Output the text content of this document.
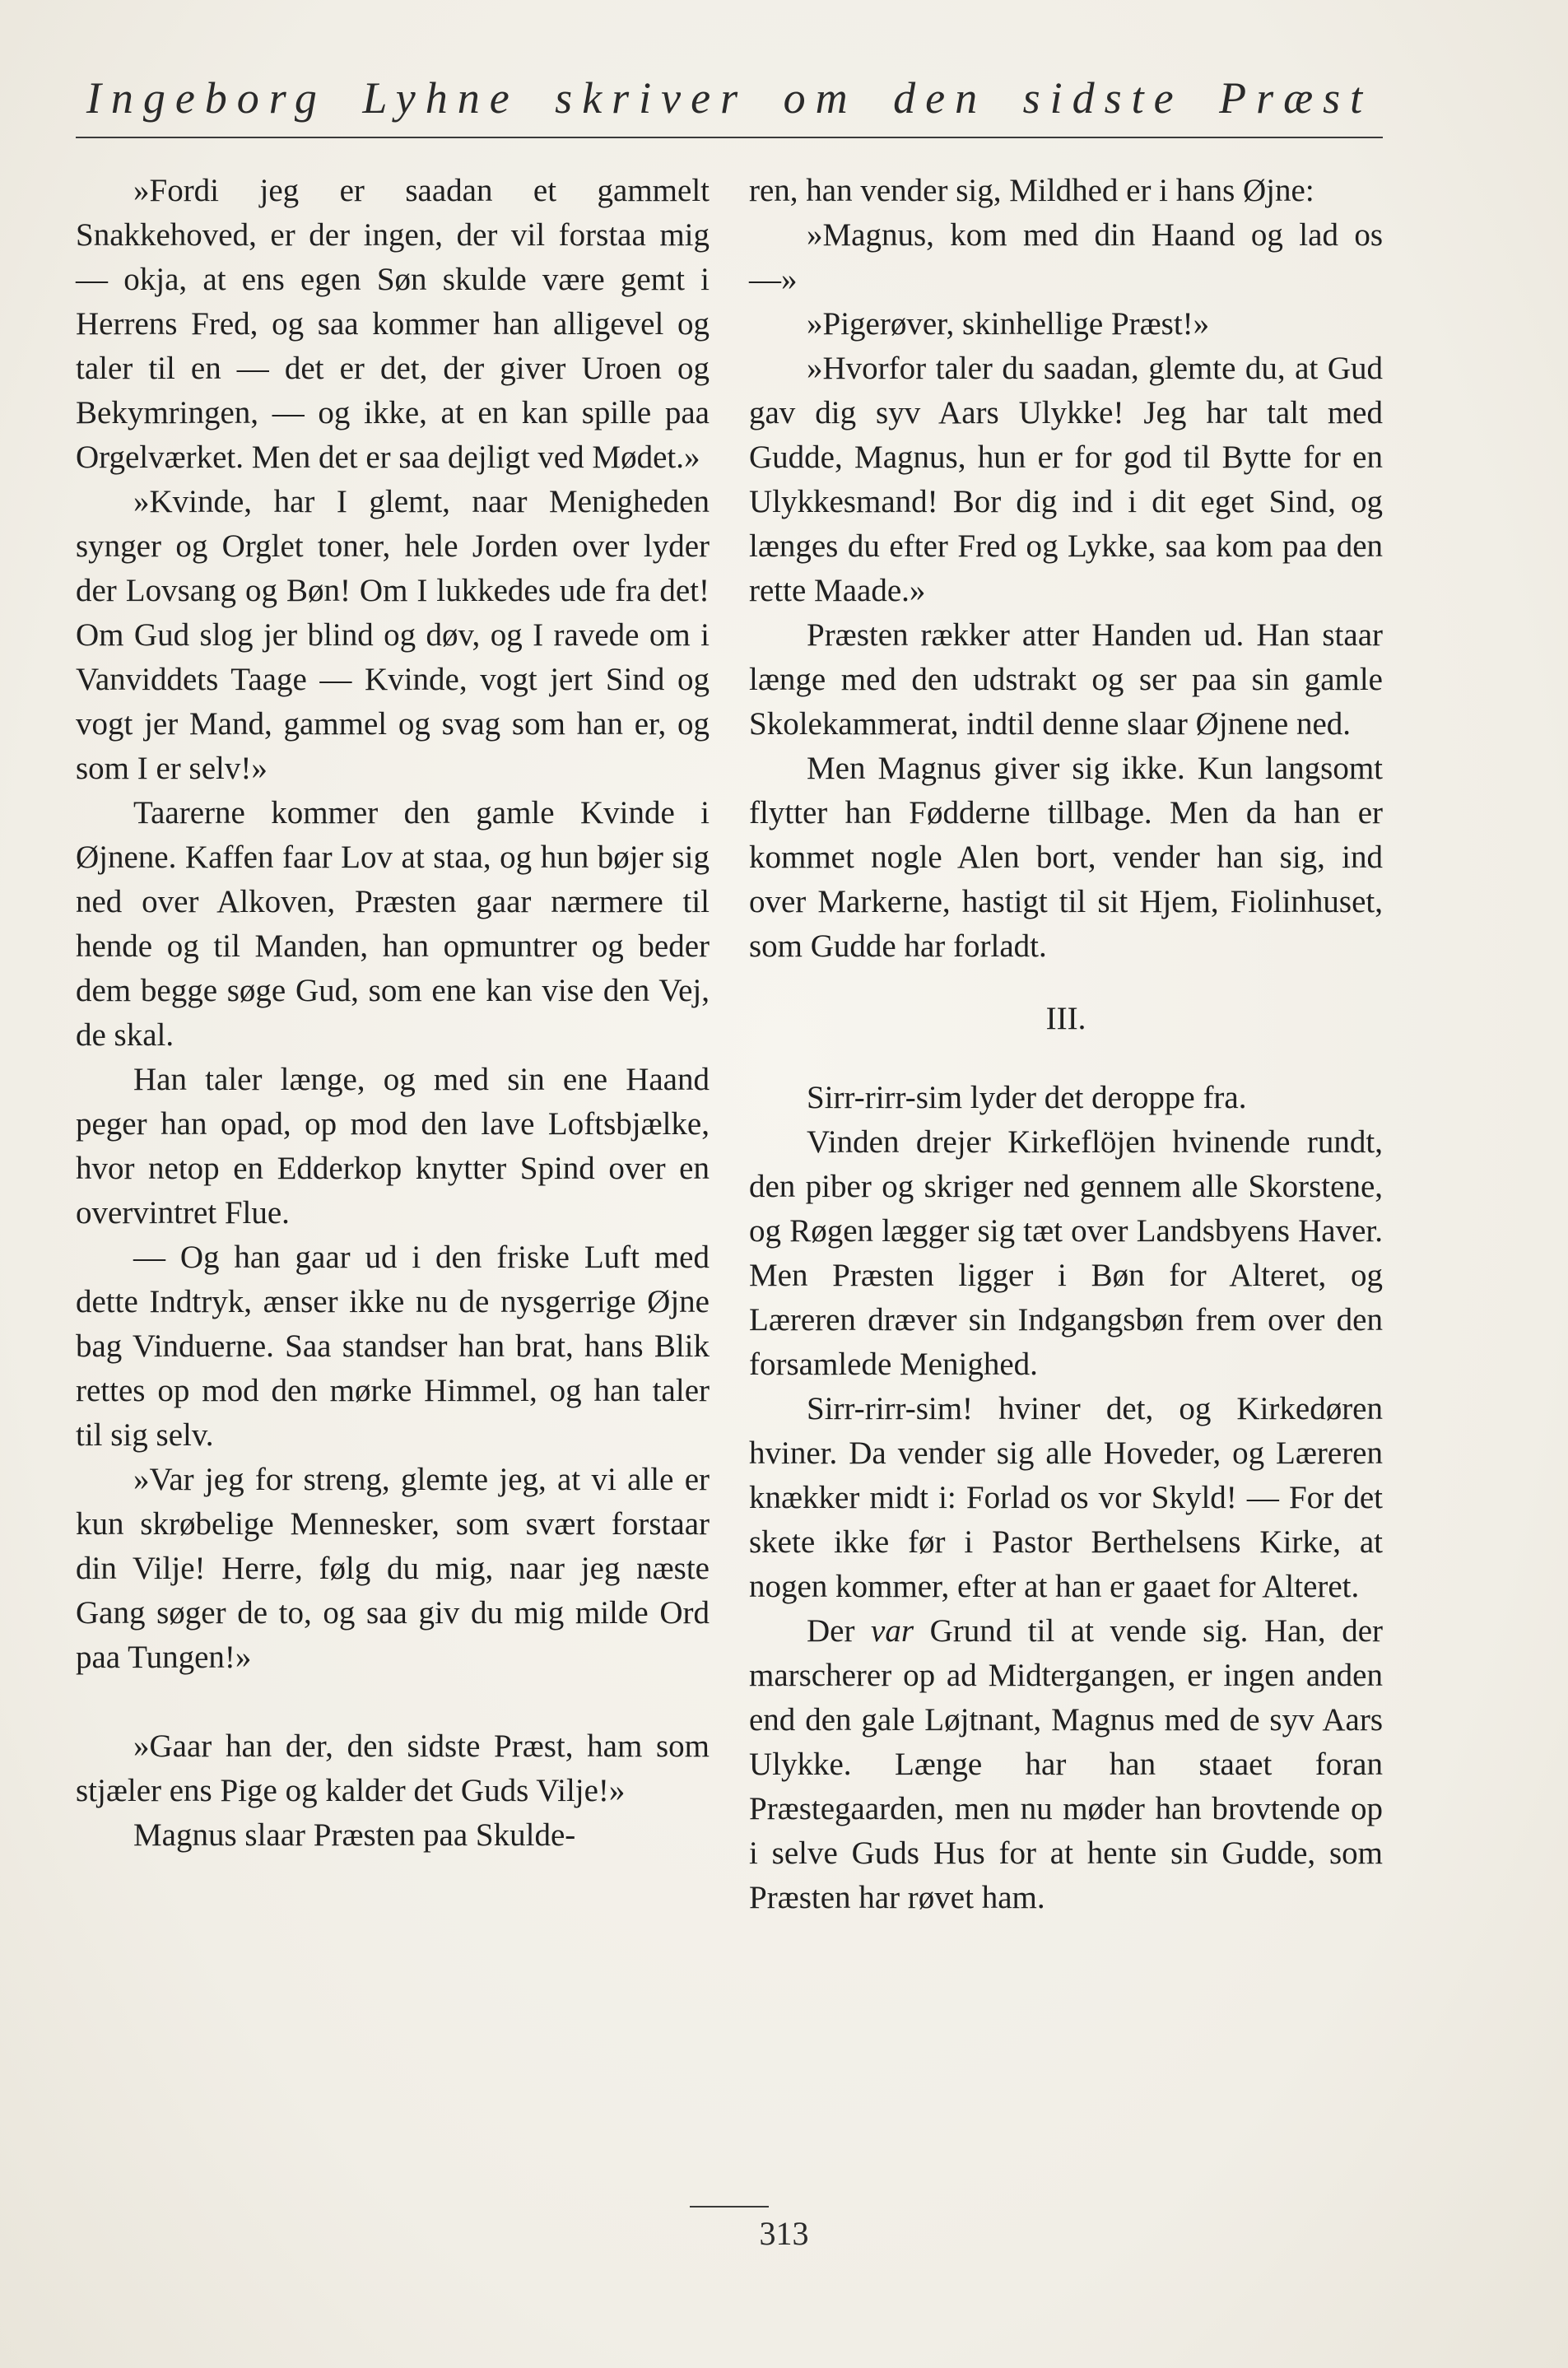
Ingeborg Lyhne skriver om den sidste Præst

»Fordi jeg er saadan et gammelt Snakkehoved, er der ingen, der vil forstaa mig — okja, at ens egen Søn skulde være gemt i Herrens Fred, og saa kommer han alligevel og taler til en — det er det, der giver Uroen og Bekymringen, — og ikke, at en kan spille paa Orgelværket. Men det er saa dejligt ved Mødet.»

»Kvinde, har I glemt, naar Menigheden synger og Orglet toner, hele Jorden over lyder der Lovsang og Bøn! Om I lukkedes ude fra det! Om Gud slog jer blind og døv, og I ravede om i Vanviddets Taage — Kvinde, vogt jert Sind og vogt jer Mand, gammel og svag som han er, og som I er selv!»

Taarerne kommer den gamle Kvinde i Øjnene. Kaffen faar Lov at staa, og hun bøjer sig ned over Alkoven, Præsten gaar nærmere til hende og til Manden, han opmuntrer og beder dem begge søge Gud, som ene kan vise den Vej, de skal.

Han taler længe, og med sin ene Haand peger han opad, op mod den lave Loftsbjælke, hvor netop en Edderkop knytter Spind over en overvintret Flue.

— Og han gaar ud i den friske Luft med dette Indtryk, ænser ikke nu de nysgerrige Øjne bag Vinduerne. Saa standser han brat, hans Blik rettes op mod den mørke Himmel, og han taler til sig selv.

»Var jeg for streng, glemte jeg, at vi alle er kun skrøbelige Mennesker, som svært forstaar din Vilje! Herre, følg du mig, naar jeg næste Gang søger de to, og saa giv du mig milde Ord paa Tungen!»

»Gaar han der, den sidste Præst, ham som stjæler ens Pige og kalder det Guds Vilje!»

Magnus slaar Præsten paa Skulde-

ren, han vender sig, Mildhed er i hans Øjne:

»Magnus, kom med din Haand og lad os —»

»Pigerøver, skinhellige Præst!»

»Hvorfor taler du saadan, glemte du, at Gud gav dig syv Aars Ulykke! Jeg har talt med Gudde, Magnus, hun er for god til Bytte for en Ulykkesmand! Bor dig ind i dit eget Sind, og længes du efter Fred og Lykke, saa kom paa den rette Maade.»

Præsten rækker atter Handen ud. Han staar længe med den udstrakt og ser paa sin gamle Skolekammerat, indtil denne slaar Øjnene ned.

Men Magnus giver sig ikke. Kun langsomt flytter han Fødderne tillbage. Men da han er kommet nogle Alen bort, vender han sig, ind over Markerne, hastigt til sit Hjem, Fiolinhuset, som Gudde har forladt.

III.

Sirr-rirr-sim lyder det deroppe fra.

Vinden drejer Kirkeflöjen hvinende rundt, den piber og skriger ned gennem alle Skorstene, og Røgen lægger sig tæt over Landsbyens Haver. Men Præsten ligger i Bøn for Alteret, og Læreren dræver sin Indgangsbøn frem over den forsamlede Menighed.

Sirr-rirr-sim! hviner det, og Kirkedøren hviner. Da vender sig alle Hoveder, og Læreren knækker midt i: Forlad os vor Skyld! — For det skete ikke før i Pastor Berthelsens Kirke, at nogen kommer, efter at han er gaaet for Alteret.

Der var Grund til at vende sig. Han, der marscherer op ad Midtergangen, er ingen anden end den gale Løjtnant, Magnus med de syv Aars Ulykke. Længe har han staaet foran Præstegaarden, men nu møder han brovtende op i selve Guds Hus for at hente sin Gudde, som Præsten har røvet ham.

313
